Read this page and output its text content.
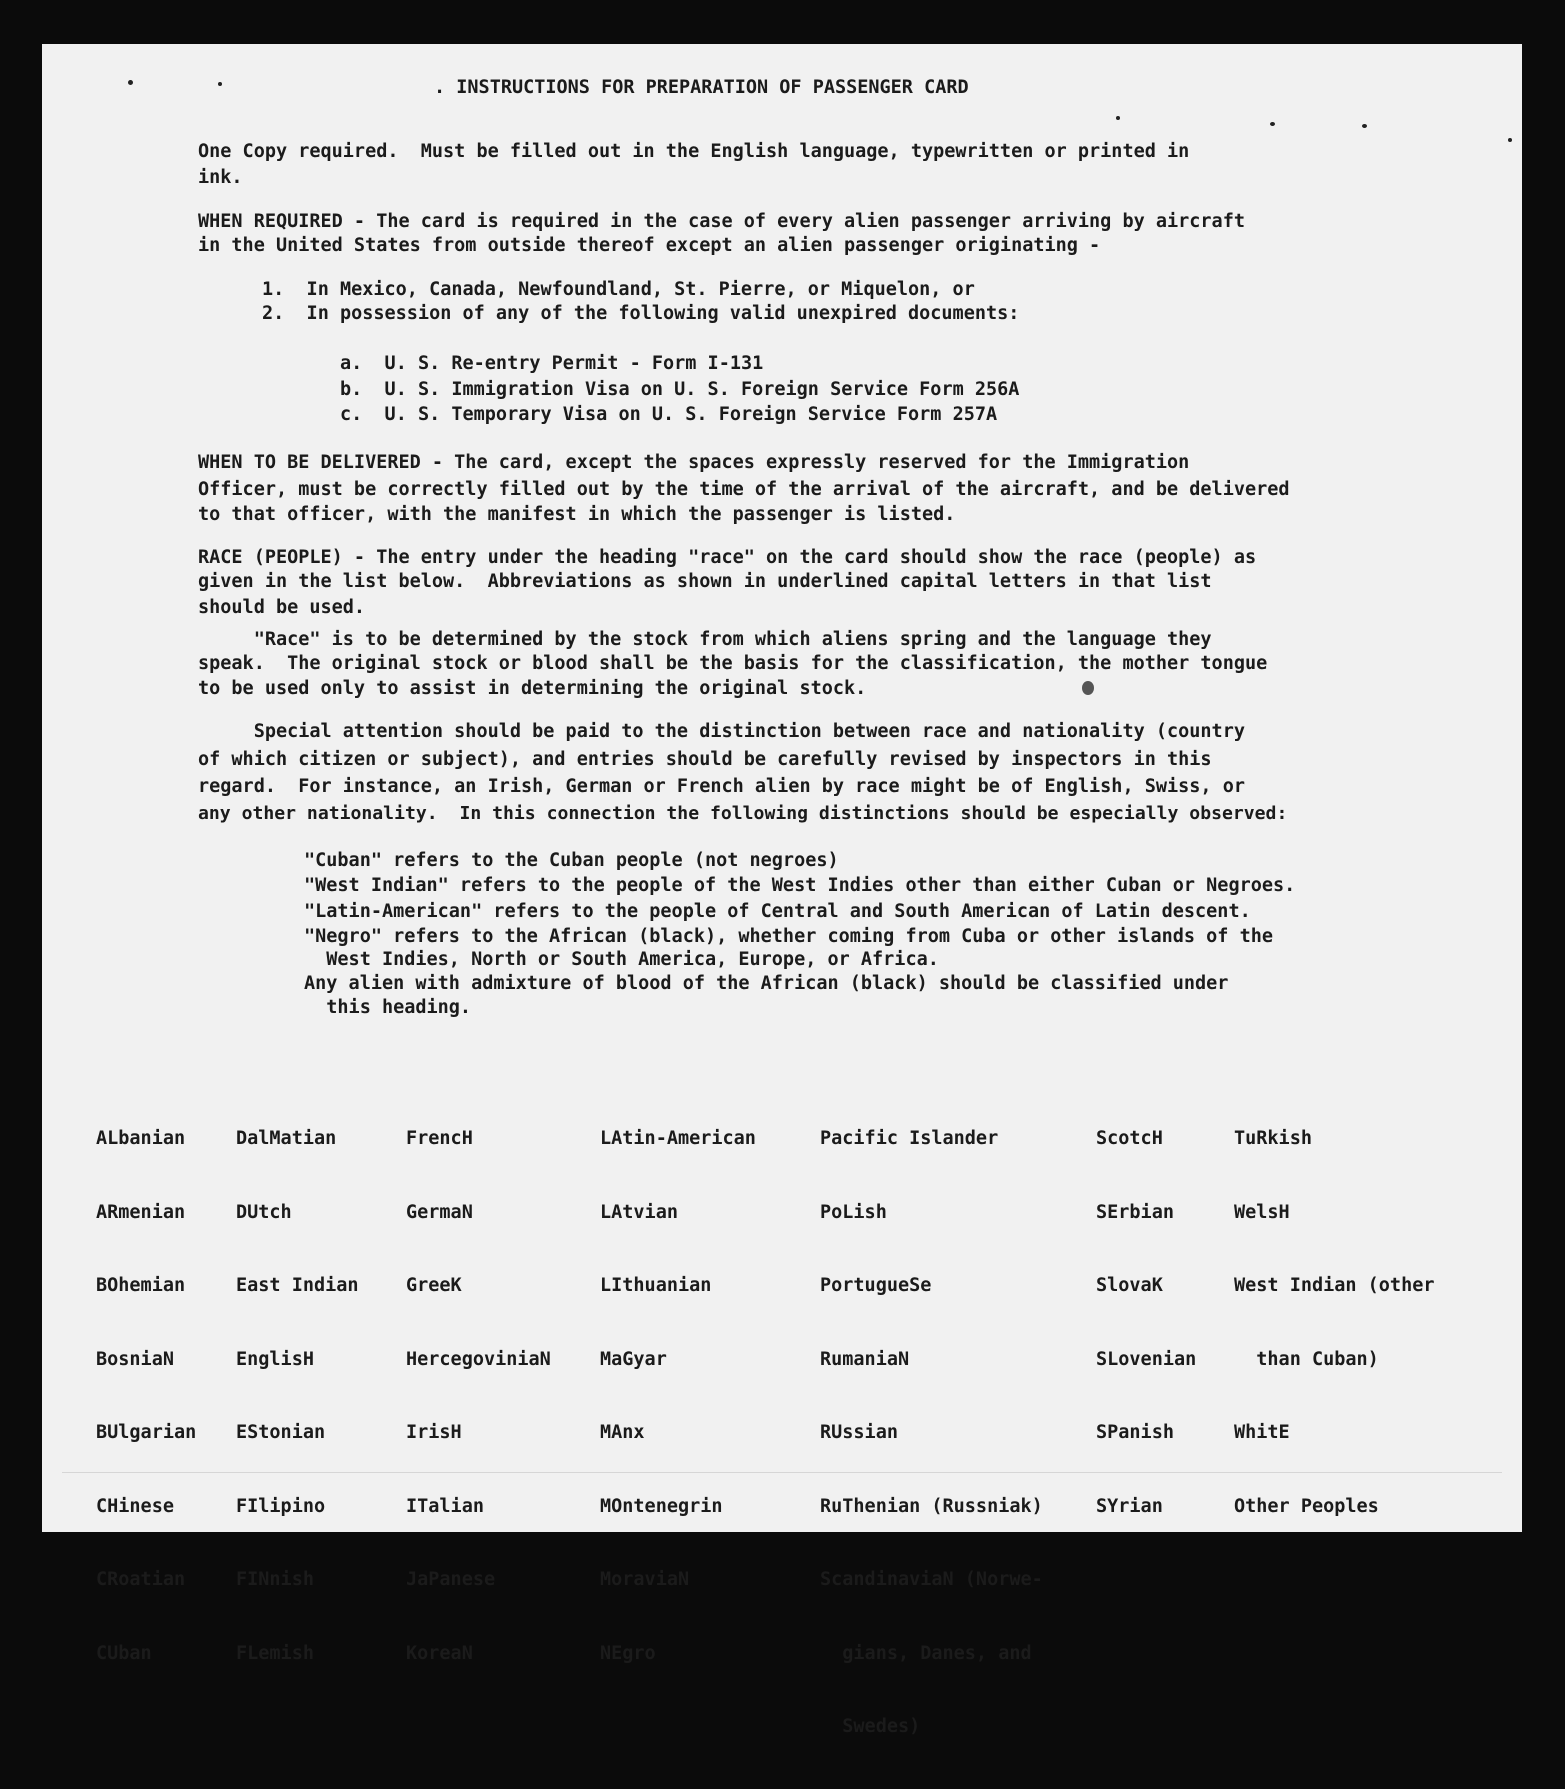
. INSTRUCTIONS FOR PREPARATION OF PASSENGER CARD
One Copy required.  Must be filled out in the English language, typewritten or printed in
ink.
WHEN REQUIRED - The card is required in the case of every alien passenger arriving by aircraft
in the United States from outside thereof except an alien passenger originating -
1.  In Mexico, Canada, Newfoundland, St. Pierre, or Miquelon, or
2.  In possession of any of the following valid unexpired documents:
a.  U. S. Re-entry Permit - Form I-131
b.  U. S. Immigration Visa on U. S. Foreign Service Form 256A
c.  U. S. Temporary Visa on U. S. Foreign Service Form 257A
WHEN TO BE DELIVERED - The card, except the spaces expressly reserved for the Immigration
Officer, must be correctly filled out by the time of the arrival of the aircraft, and be delivered
to that officer, with the manifest in which the passenger is listed.
RACE (PEOPLE) - The entry under the heading "race" on the card should show the race (people) as
given in the list below.  Abbreviations as shown in underlined capital letters in that list
should be used.
"Race" is to be determined by the stock from which aliens spring and the language they
speak.  The original stock or blood shall be the basis for the classification, the mother tongue
to be used only to assist in determining the original stock.
Special attention should be paid to the distinction between race and nationality (country
of which citizen or subject), and entries should be carefully revised by inspectors in this
regard.  For instance, an Irish, German or French alien by race might be of English, Swiss, or
any other nationality.  In this connection the following distinctions should be especially observed:
"Cuban" refers to the Cuban people (not negroes)
"West Indian" refers to the people of the West Indies other than either Cuban or Negroes.
"Latin-American" refers to the people of Central and South American of Latin descent.
"Negro" refers to the African (black), whether coming from Cuba or other islands of the
West Indies, North or South America, Europe, or Africa.
Any alien with admixture of blood of the African (black) should be classified under
this heading.

ALbanian

ARmenian

BOhemian

BosniaN

BUlgarian

CHinese

CRoatian

CUban

DalMatian

DUtch

East Indian

EnglisH

EStonian

FIlipino

FINnish

FLemish

FrencH

GermaN

GreeK

HercegoviniaN

IrisH

ITalian

JaPanese

KoreaN

LAtin-American

LAtvian

LIthuanian

MaGyar

MAnx

MOntenegrin

MoraviaN

NEgro

Pacific Islander

PoLish

PortugueSe

RumaniaN

RUssian

RuThenian (Russniak)

ScandinaviaN (Norwe-

gians, Danes, and

Swedes)

ScotcH

SErbian

SlovaK

SLovenian

SPanish

SYrian

TuRkish

WelsH

West Indian (other

than Cuban)

WhitE

Other Peoples
